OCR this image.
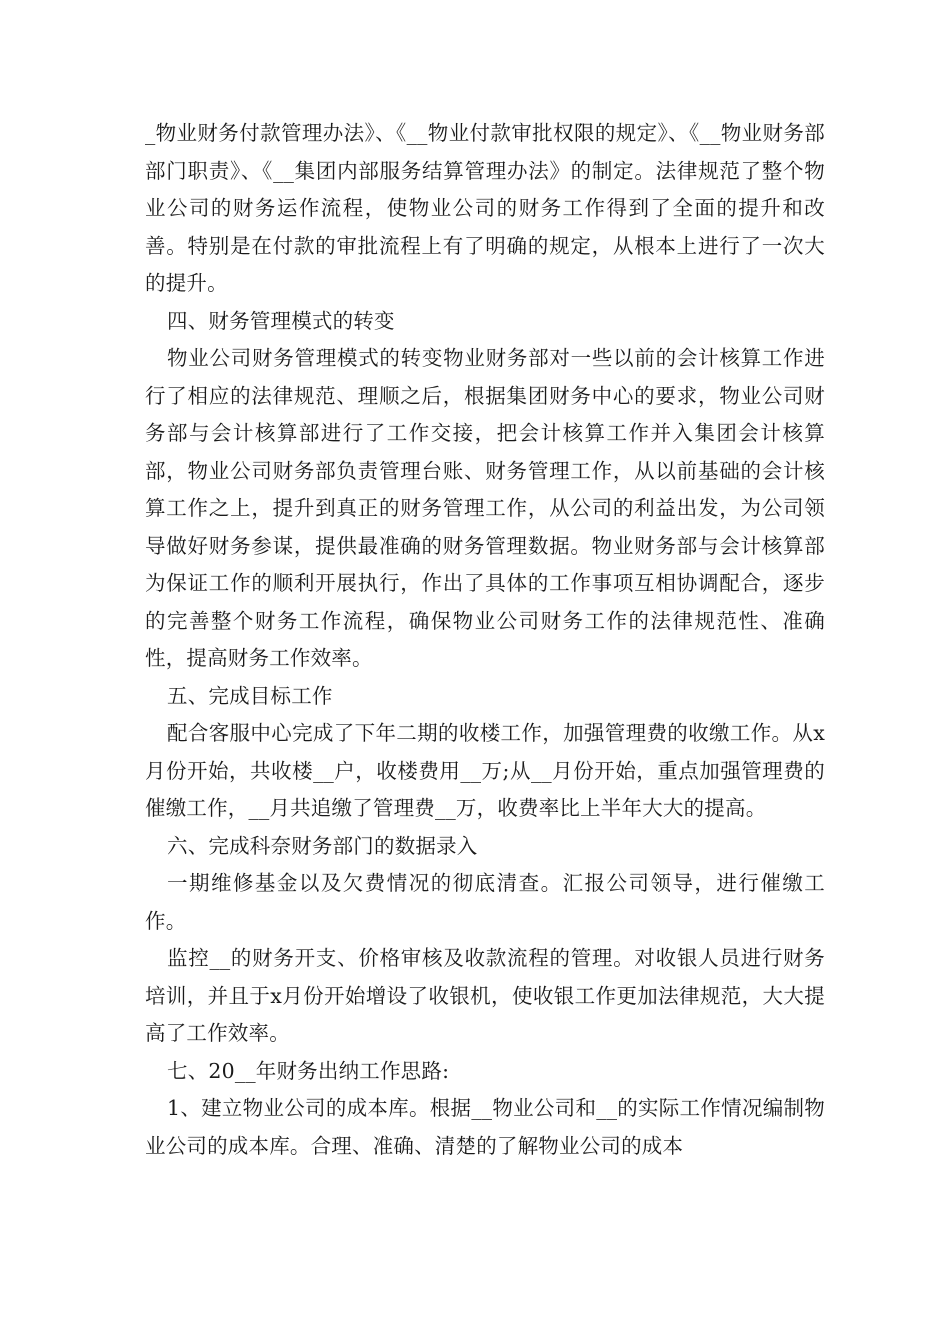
_物业财务付款管理办法》、《__物业付款审批权限的规定》、《__物业财务部部门职责》、《__集团内部服务结算管理办法》的制定。法律规范了整个物业公司的财务运作流程，使物业公司的财务工作得到了全面的提升和改善。特别是在付款的审批流程上有了明确的规定，从根本上进行了一次大的提升。

四、财务管理模式的转变

物业公司财务管理模式的转变物业财务部对一些以前的会计核算工作进行了相应的法律规范、理顺之后，根据集团财务中心的要求，物业公司财务部与会计核算部进行了工作交接，把会计核算工作并入集团会计核算部，物业公司财务部负责管理台账、财务管理工作，从以前基础的会计核算工作之上，提升到真正的财务管理工作，从公司的利益出发，为公司领导做好财务参谋，提供最准确的财务管理数据。物业财务部与会计核算部为保证工作的顺利开展执行，作出了具体的工作事项互相协调配合，逐步的完善整个财务工作流程，确保物业公司财务工作的法律规范性、准确性，提高财务工作效率。

五、完成目标工作

配合客服中心完成了下年二期的收楼工作，加强管理费的收缴工作。从x月份开始，共收楼__户，收楼费用__万;从__月份开始，重点加强管理费的催缴工作，__月共追缴了管理费__万，收费率比上半年大大的提高。

六、完成科奈财务部门的数据录入

一期维修基金以及欠费情况的彻底清查。汇报公司领导，进行催缴工作。

监控__的财务开支、价格审核及收款流程的管理。对收银人员进行财务培训，并且于x月份开始增设了收银机，使收银工作更加法律规范，大大提高了工作效率。

七、20__年财务出纳工作思路:

1、建立物业公司的成本库。根据__物业公司和__的实际工作情况编制物业公司的成本库。合理、准确、清楚的了解物业公司的成本
